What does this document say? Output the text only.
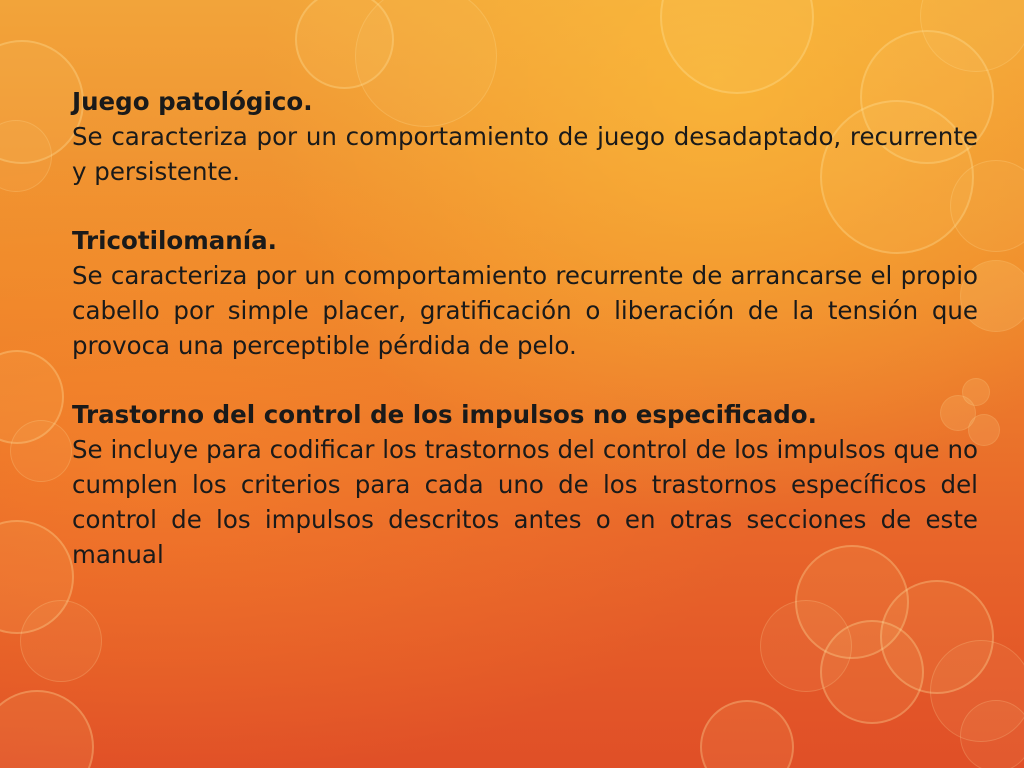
Juego patológico.

Se caracteriza por un comportamiento de juego desadaptado, recurrente y persistente.

Tricotilomanía.

Se caracteriza por un comportamiento recurrente de arrancarse el propio cabello por simple placer, gratificación o liberación de la tensión que provoca una perceptible pérdida de pelo.

Trastorno del control de los impulsos no especificado.

Se incluye para codificar los trastornos del control de los impulsos que no cumplen los criterios para cada uno de los trastornos específicos del control de los impulsos descritos antes o en otras secciones de este manual
